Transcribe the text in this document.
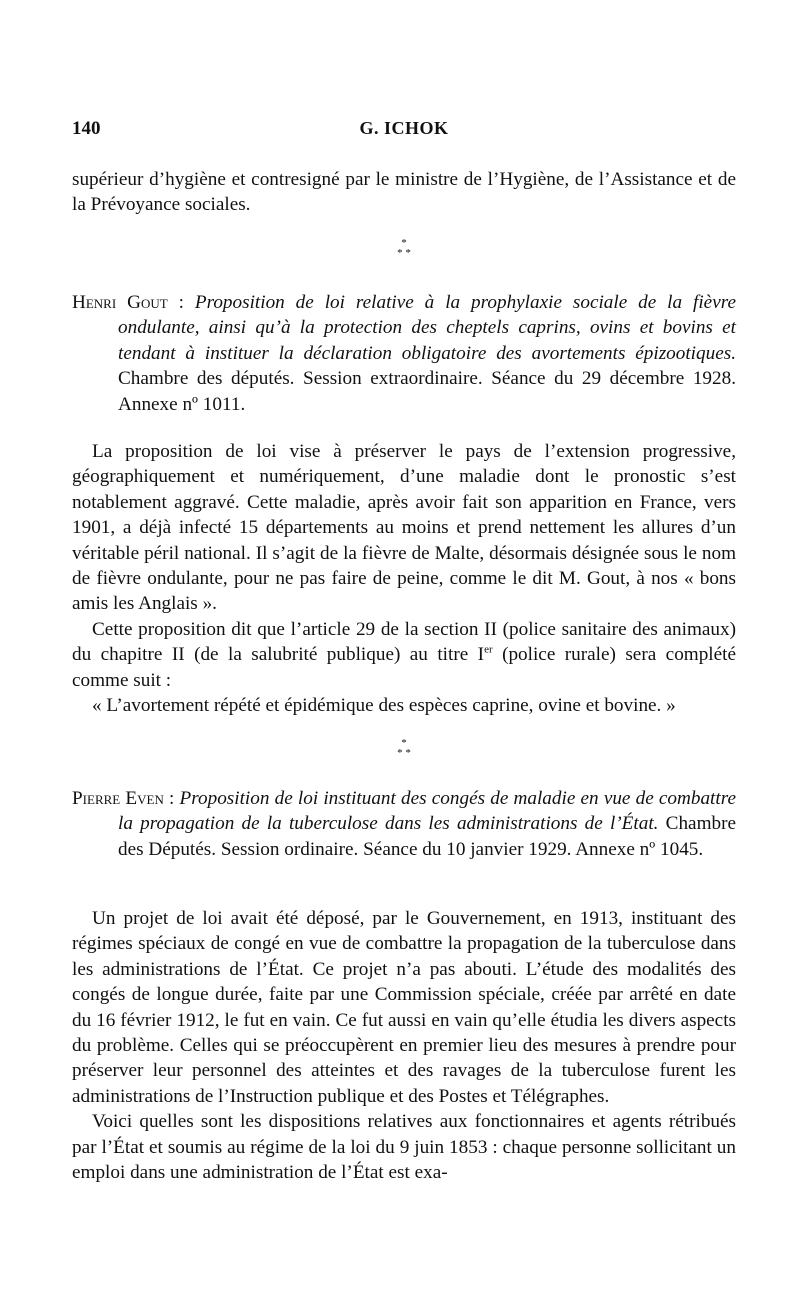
140	G. ICHOK

supérieur d’hygiène et contresigné par le ministre de l’Hygiène, de l’Assistance et de la Prévoyance sociales.

*
* *
Henri Gout : Proposition de loi relative à la prophylaxie sociale de la fièvre ondulante, ainsi qu’à la protection des cheptels caprins, ovins et bovins et tendant à instituer la déclaration obligatoire des avortements épizootiques. Chambre des députés. Session extraordinaire. Séance du 29 décembre 1928. Annexe nº 1011.

La proposition de loi vise à préserver le pays de l’extension progressive, géographiquement et numériquement, d’une maladie dont le pronostic s’est notablement aggravé. Cette maladie, après avoir fait son apparition en France, vers 1901, a déjà infecté 15 départements au moins et prend nettement les allures d’un véritable péril national. Il s’agit de la fièvre de Malte, désormais désignée sous le nom de fièvre ondulante, pour ne pas faire de peine, comme le dit M. Gout, à nos « bons amis les Anglais ».

Cette proposition dit que l’article 29 de la section II (police sanitaire des animaux) du chapitre II (de la salubrité publique) au titre Ier (police rurale) sera complété comme suit :

« L’avortement répété et épidémique des espèces caprine, ovine et bovine. »

*
* *
Pierre Even : Proposition de loi instituant des congés de maladie en vue de combattre la propagation de la tuberculose dans les administrations de l’État. Chambre des Députés. Session ordinaire. Séance du 10 janvier 1929. Annexe nº 1045.

Un projet de loi avait été déposé, par le Gouvernement, en 1913, instituant des régimes spéciaux de congé en vue de combattre la propagation de la tuberculose dans les administrations de l’État. Ce projet n’a pas abouti. L’étude des modalités des congés de longue durée, faite par une Commission spéciale, créée par arrêté en date du 16 février 1912, le fut en vain. Ce fut aussi en vain qu’elle étudia les divers aspects du problème. Celles qui se préoccupèrent en premier lieu des mesures à prendre pour préserver leur personnel des atteintes et des ravages de la tuberculose furent les administrations de l’Instruction publique et des Postes et Télégraphes.

Voici quelles sont les dispositions relatives aux fonctionnaires et agents rétribués par l’État et soumis au régime de la loi du 9 juin 1853 : chaque personne sollicitant un emploi dans une administration de l’État est exa-
